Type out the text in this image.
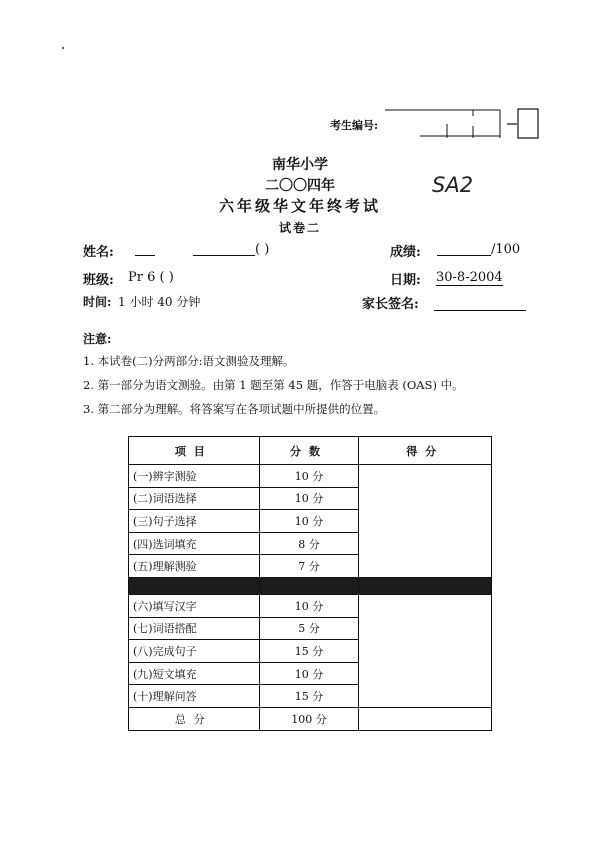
考生编号:
南华小学
二〇〇四年
六年级华文年终考试
试卷二
SA2
姓名:	( )	成绩:	/100
班级: Pr 6 ( )	日期: 30-8-2004
时间: 1 小时 40 分钟	家长签名:
注意:
1. 本试卷(二)分两部分:语文测验及理解。
2. 第一部分为语文测验。由第 1 题至第 45 题，作答于电脑表 (OAS) 中。
3. 第二部分为理解。将答案写在各项试题中所提供的位置。
项目	分数	得分
(一)辨字测验	10 分	
(二)词语选择	10 分	
(三)句子选择	10 分	
(四)选词填充	8 分	
(五)理解测验	7 分	

(六)填写汉字	10 分	
(七)词语搭配	5 分	
(八)完成句子	15 分	
(九)短文填充	10 分	
(十)理解问答	15 分	
总分	100 分	
